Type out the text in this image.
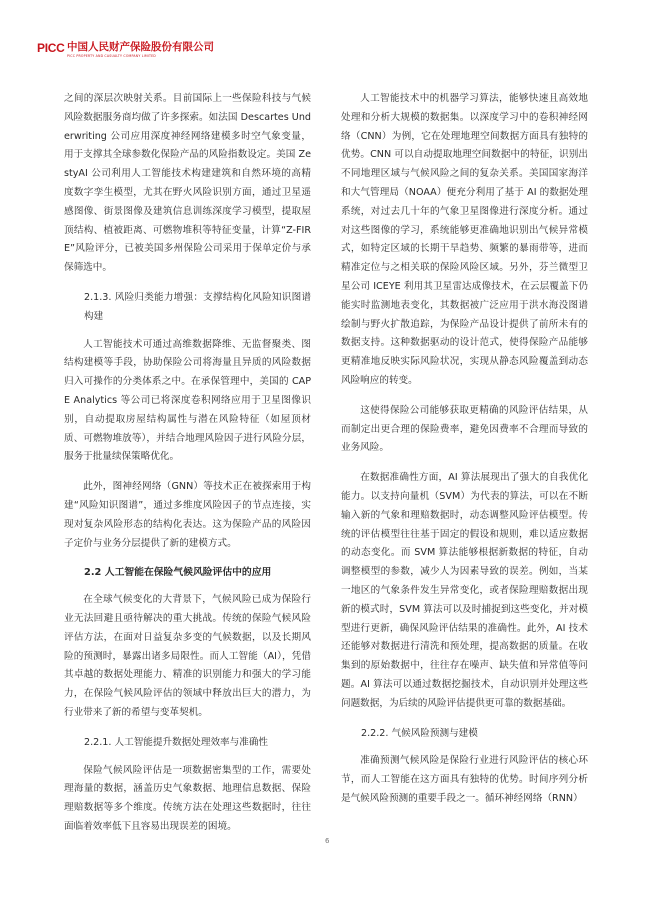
PICC 中国人民财产保险股份有限公司
PICC PROPERTY AND CASUALTY COMPANY LIMITED

之间的深层次映射关系。目前国际上一些保险科技与气候风险数据服务商均做了许多探索。如法国 Descartes Underwriting 公司应用深度神经网络建模多时空气象变量，用于支撑其全球参数化保险产品的风险指数设定。美国 ZestyAI 公司利用人工智能技术构建建筑和自然环境的高精度数字孪生模型，尤其在野火风险识别方面，通过卫星遥感图像、街景图像及建筑信息训练深度学习模型，提取屋顶结构、植被距离、可燃物堆积等特征变量，计算“Z-FIRE”风险评分，已被美国多州保险公司采用于保单定价与承保筛选中。

2.1.3. 风险归类能力增强：支撑结构化风险知识图谱构建

人工智能技术可通过高维数据降维、无监督聚类、图结构建模等手段，协助保险公司将海量且异质的风险数据归入可操作的分类体系之中。在承保管理中，美国的 CAPE Analytics 等公司已将深度卷积网络应用于卫星图像识别，自动提取房屋结构属性与潜在风险特征（如屋顶材质、可燃物堆放等），并结合地理风险因子进行风险分层，服务于批量续保策略优化。

此外，图神经网络（GNN）等技术正在被探索用于构建“风险知识图谱”，通过多维度风险因子的节点连接，实现对复杂风险形态的结构化表达。这为保险产品的风险因子定价与业务分层提供了新的建模方式。

2.2 人工智能在保险气候风险评估中的应用

在全球气候变化的大背景下，气候风险已成为保险行业无法回避且亟待解决的重大挑战。传统的保险气候风险评估方法，在面对日益复杂多变的气候数据，以及长期风险的预测时，暴露出诸多局限性。而人工智能（AI），凭借其卓越的数据处理能力、精准的识别能力和强大的学习能力，在保险气候风险评估的领域中释放出巨大的潜力，为行业带来了新的希望与变革契机。

2.2.1. 人工智能提升数据处理效率与准确性

保险气候风险评估是一项数据密集型的工作，需要处理海量的数据，涵盖历史气象数据、地理信息数据、保险理赔数据等多个维度。传统方法在处理这些数据时，往往面临着效率低下且容易出现误差的困境。

人工智能技术中的机器学习算法，能够快速且高效地处理和分析大规模的数据集。以深度学习中的卷积神经网络（CNN）为例，它在处理地理空间数据方面具有独特的优势。CNN 可以自动提取地理空间数据中的特征，识别出不同地理区域与气候风险之间的复杂关系。美国国家海洋和大气管理局（NOAA）便充分利用了基于 AI 的数据处理系统，对过去几十年的气象卫星图像进行深度分析。通过对这些图像的学习，系统能够更准确地识别出气候异常模式，如特定区域的长期干旱趋势、频繁的暴雨带等，进而精准定位与之相关联的保险风险区域。另外，芬兰微型卫星公司 ICEYE 利用其卫星雷达成像技术，在云层覆盖下仍能实时监测地表变化，其数据被广泛应用于洪水海没图谱绘制与野火扩散追踪，为保险产品设计提供了前所未有的数据支持。这种数据驱动的设计范式，使得保险产品能够更精准地反映实际风险状况，实现从静态风险覆盖到动态风险响应的转变。

这使得保险公司能够获取更精确的风险评估结果，从而制定出更合理的保险费率，避免因费率不合理而导致的业务风险。

在数据准确性方面，AI 算法展现出了强大的自我优化能力。以支持向量机（SVM）为代表的算法，可以在不断输入新的气象和理赔数据时，动态调整风险评估模型。传统的评估模型往往基于固定的假设和规则，难以适应数据的动态变化。而 SVM 算法能够根据新数据的特征，自动调整模型的参数，减少人为因素导致的误差。例如，当某一地区的气象条件发生异常变化，或者保险理赔数据出现新的模式时，SVM 算法可以及时捕捉到这些变化，并对模型进行更新，确保风险评估结果的准确性。此外，AI 技术还能够对数据进行清洗和预处理，提高数据的质量。在收集到的原始数据中，往往存在噪声、缺失值和异常值等问题。AI 算法可以通过数据挖掘技术，自动识别并处理这些问题数据，为后续的风险评估提供更可靠的数据基础。

2.2.2. 气候风险预测与建模

准确预测气候风险是保险行业进行风险评估的核心环节，而人工智能在这方面具有独特的优势。时间序列分析是气候风险预测的重要手段之一。循环神经网络（RNN）

6
